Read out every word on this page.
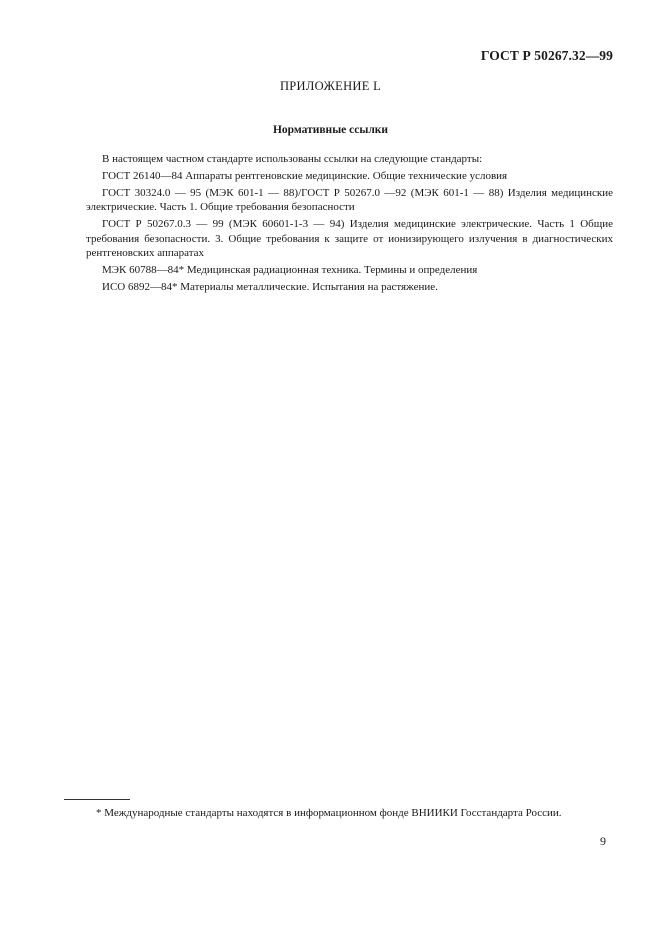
ГОСТ Р 50267.32—99
ПРИЛОЖЕНИЕ L
Нормативные ссылки

В настоящем частном стандарте использованы ссылки на следующие стандарты:

ГОСТ 26140—84 Аппараты рентгеновские медицинские. Общие технические условия

ГОСТ 30324.0 — 95 (МЭК 601-1 — 88)/ГОСТ Р 50267.0 —92 (МЭК 601-1 — 88) Изделия медицинские электрические. Часть 1. Общие требования безопасности

ГОСТ Р 50267.0.3 — 99 (МЭК 60601-1-3 — 94) Изделия медицинские электрические. Часть 1 Общие требования безопасности. 3. Общие требования к защите от ионизирующего излучения в диагностических рентгеновских аппаратах

МЭК 60788—84* Медицинская радиационная техника. Термины и определения

ИСО 6892—84* Материалы металлические. Испытания на растяжение.

* Международные стандарты находятся в информационном фонде ВНИИКИ Госстандарта России.
9
